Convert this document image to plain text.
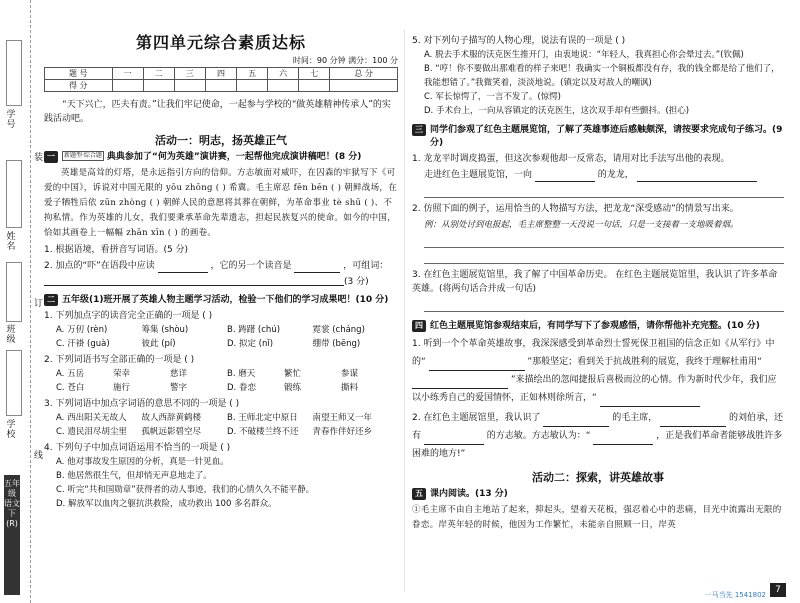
学号
姓名
班级
学校
五年级 语文 下(R)
装
订
线
第四单元综合素质达标
时间：90 分钟 满分：100 分
题 号	一	二	三	四	五	六	七	总 分
得 分								

“天下兴亡，匹夫有责。”让我们牢记使命，一起参与学校的“做英雄精神传承人”的实践活动吧。

活动一：明志，扬英雄正气
一	新题型·综合题 典典参加了“何为英雄”演讲赛，一起帮他完成演讲稿吧！(8 分)

英雄是高耸的灯塔，是永远指引方向的信仰。方志敏面对威吓，在囚森的牢狱写下《可爱的中国》，诉说对中国无限的 yōu zhōng ( ) 希冀。毛主席忍 fēn bēn ( ) 朝鲜战场，在爱子牺牲后依 zūn zhòng ( ) 朝鲜人民的意愿将其葬在朝鲜，为革命事业 tè shū ( )、不拘私情。作为英雄的儿女，我们要秉承革命先辈遗志，担起民族复兴的使命。如今的中国，恰如其画卷上一幅幅 zhān xīn ( ) 的画卷。

1. 根据语境，看拼音写词语。(5 分)

2. 加点的“吓”在语段中应读	，它的另一个读音是	，可组词：

(3 分)
二 五年级(1)班开展了英雄人物主题学习活动，检验一下他们的学习成果吧！(10 分)

1. 下列加点字的读音完全正确的一项是 ( )

A. 万仞 (rèn)	筹集 (shòu)	B. 踌躇 (chú)	霓裳 (cháng)
C. 汗褂 (guà)	彼此 (pí)	D. 拟定 (nǐ)	绷带 (bēng)

2. 下列词语书写全部正确的一项是 ( )

A. 五岳	荣幸	慈详	B. 磨天	繁忙	参谋
C. 苍白	施行	警字	D. 眷恋	锻练	撕料

3. 下列词语中加点字词语的意思不同的一项是 ( )

A. 西出阳关无故人	故人西辞黄鹤楼	B. 王师北定中原日	南望王师又一年
C. 遗民泪尽胡尘里	孤帆远影碧空尽	D. 不破楼兰终不还	青春作伴好还乡

4. 下列句子中加点词语运用不恰当的一项是 ( )

A. 他对事故发生原因的分析，真是一针见血。
B. 他居然很生气，但却悄无声息地走了。
C. 听完“共和国勋章”获得者的动人事迹，我们的心情久久不能平静。
D. 解放军以血肉之躯抗洪救险，成功救出 100 多名群众。

5. 对下列句子描写的人物心理，说法有误的一项是 ( )

A. 脱去手术服的沃克医生推开门，由衷地说：“年轻人，我真担心你会晕过去。”(钦佩)
B. “哼！你不要做出那难看的样子来吧！我确实一个铜板都没有存，我的钱全都是给了他们了，我能想错了。”我微笑着，淡淡地说。(镇定以及对敌人的嘲讽)
C. 军长惊愕了，一言不发了。(惊愕)
D. 手术台上，一向从容镇定的沃克医生，这次双手却有些颤抖。(担心)
三 同学们参观了红色主题展览馆，了解了英雄事迹后感触颇深，请按要求完成句子练习。(9 分)

1. 龙龙平时调皮捣蛋，但这次参观他却一反常态，请用对比手法写出他的表现。

走进红色主题展览馆，一向	的龙龙，

2. 仿照下面的例子，运用恰当的人物描写方法，把龙龙“深受感动”的情景写出来。

例：从别处讨到电报起，毛主席整整一天没说一句话，只是一支接着一支地吸着烟。

3. 在红色主题展览馆里，我了解了中国革命历史。 在红色主题展览馆里，我认识了许多革命英雄。(将两句话合并成一句话)

四 红色主题展览馆参观结束后，有同学写下了参观感悟，请你帮他补充完整。(10 分)

1. 听到一个个革命英雄故事，我深深感受到革命烈士誓死保卫祖国的信念正如《从军行》中的“	”那般坚定；看到关于抗战胜利的展览，我终于理解杜甫用“  ”来描绘出的忽闻捷报后喜极而泣的心情。作为新时代少年，我们应以小练秀自己的爱国情怀，正如林则徐所言，“

2. 在红色主题展馆里，我认识了	的毛主席，	的刘伯承，还有	的方志敏。方志敏认为：“	，正是我们革命者能够战胜许多困难的地方!”

活动二：探索，讲英雄故事
五 课内阅读。(13 分)

①毛主席不由自主地站了起来，抑起头，望着天花板，强忍着心中的悲痛，目光中流露出无限的眷恋。岸英年轻的时候，他因为工作繁忙，未能亲自照顾一日，岸英

一马当先 1541802	7
